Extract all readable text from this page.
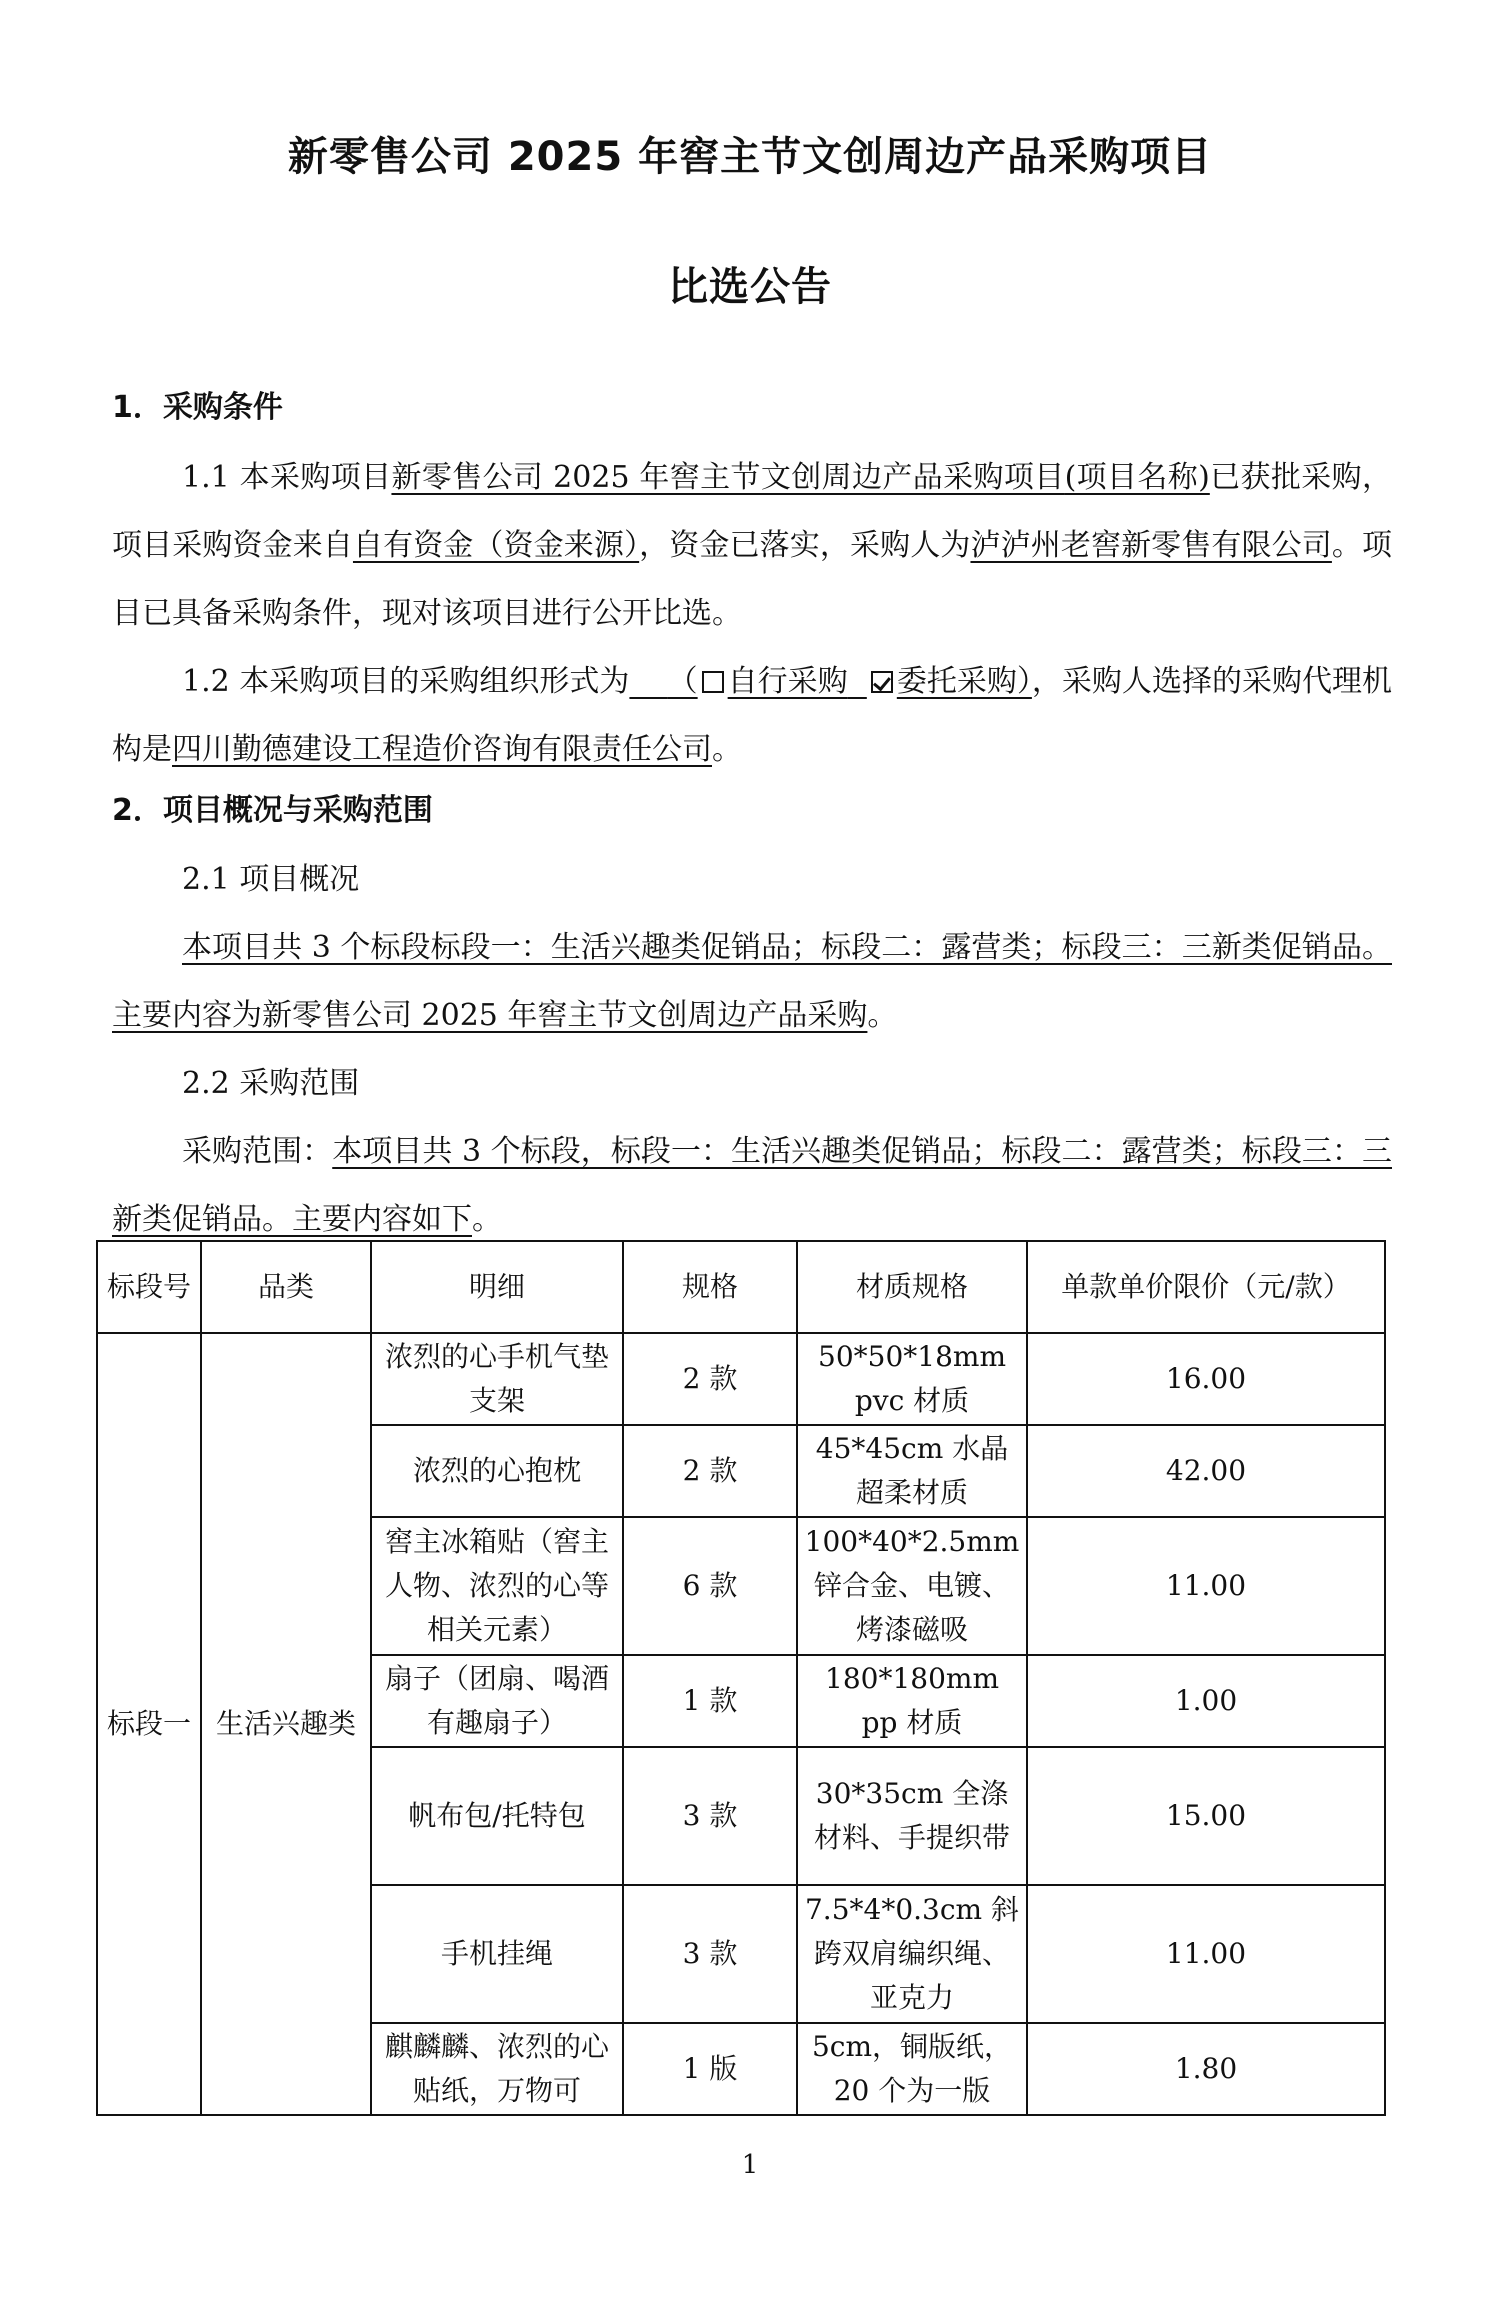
新零售公司 2025 年窖主节文创周边产品采购项目
比选公告
1．采购条件
1.1 本采购项目新零售公司 2025 年窖主节文创周边产品采购项目(项目名称)已获批采购，项目采购资金来自自有资金（资金来源），资金已落实，采购人为泸泸州老窖新零售有限公司。项目已具备采购条件，现对该项目进行公开比选。
1.2 本采购项目的采购组织形式为 （ 自行采购 委托采购），采购人选择的采购代理机构是四川勤德建设工程造价咨询有限责任公司。
2．项目概况与采购范围
2.1 项目概况
本项目共 3 个标段标段一：生活兴趣类促销品；标段二：露营类；标段三：三新类促销品。主要内容为新零售公司 2025 年窖主节文创周边产品采购。
2.2 采购范围
采购范围：本项目共 3 个标段，标段一：生活兴趣类促销品；标段二：露营类；标段三：三新类促销品。主要内容如下。
标段号	品类	明细	规格	材质规格	单款单价限价（元/款）
标段一	生活兴趣类	浓烈的心手机气垫支架	2 款	50*50*18mm pvc 材质	16.00
		浓烈的心抱枕	2 款	45*45cm 水晶超柔材质	42.00
		窖主冰箱贴（窖主人物、浓烈的心等相关元素）	6 款	100*40*2.5mm 锌合金、电镀、烤漆磁吸	11.00
		扇子（团扇、喝酒有趣扇子）	1 款	180*180mm pp 材质	1.00
		帆布包/托特包	3 款	30*35cm 全涤材料、手提织带	15.00
		手机挂绳	3 款	7.5*4*0.3cm 斜跨双肩编织绳、亚克力	11.00
		麒麟麟、浓烈的心贴纸，万物可	1 版	5cm，铜版纸，20 个为一版	1.80
1
